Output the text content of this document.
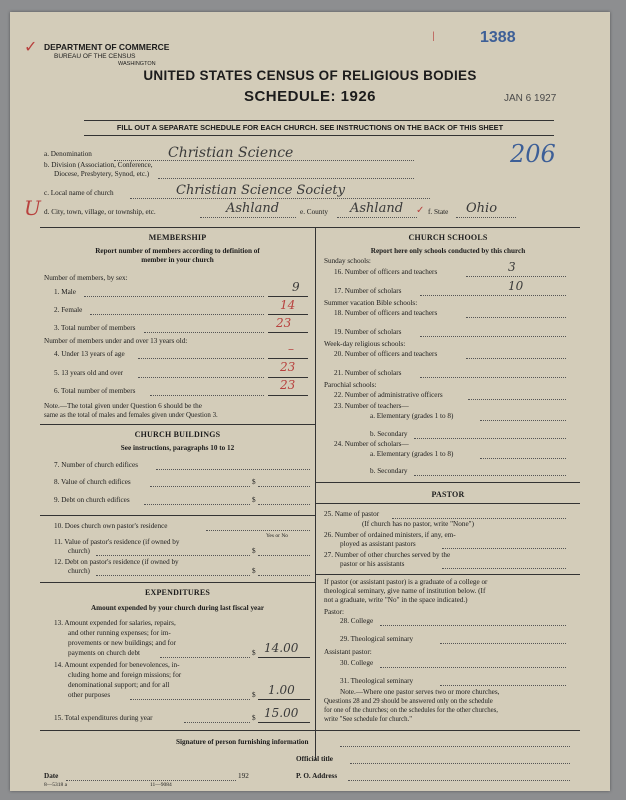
✓ DEPARTMENT OF COMMERCE
BUREAU OF THE CENSUS
WASHINGTON
1388
ǀ
UNITED STATES CENSUS OF RELIGIOUS BODIES
SCHEDULE: 1926	JAN 6 1927
FILL OUT A SEPARATE SCHEDULE FOR EACH CHURCH. SEE INSTRUCTIONS ON THE BACK OF THIS SHEET
a. Denomination	Christian Science	206
b. Division (Association, Conference,
Diocese, Presbytery, Synod, etc.)
c. Local name of church	Christian Science Society
U d. City, town, village, or township, etc.	Ashland	e. County Ashland ✓ f. State Ohio
MEMBERSHIP
Report number of members according to definition of
member in your church
Number of members, by sex:
1. Male	9
2. Female	14
3. Total number of members	23
Number of members under and over 13 years old:
4. Under 13 years of age	–
5. 13 years old and over	23
6. Total number of members	23
Note.—The total given under Question 6 should be the
same as the total of males and females given under Question 3.
CHURCH BUILDINGS
See instructions, paragraphs 10 to 12
7. Number of church edifices
8. Value of church edifices	$
9. Debt on church edifices	$
10. Does church own pastor's residence
Yes or No
11. Value of pastor's residence (if owned by
church)	$
12. Debt on pastor's residence (if owned by
church)	$
EXPENDITURES
Amount expended by your church during last fiscal year
13. Amount expended for salaries, repairs,
and other running expenses; for im-
provements or new buildings; and for
payments on church debt	$ 14.00
14. Amount expended for benevolences, in-
cluding home and foreign missions; for
denominational support; and for all
other purposes	$ 1.00
15. Total expenditures during year	$ 15.00
CHURCH SCHOOLS
Report here only schools conducted by this church
Sunday schools:
16. Number of officers and teachers	3
17. Number of scholars	10
Summer vacation Bible schools:
18. Number of officers and teachers
19. Number of scholars
Week-day religious schools:
20. Number of officers and teachers
21. Number of scholars
Parochial schools:
22. Number of administrative officers
23. Number of teachers—
a. Elementary (grades 1 to 8)
b. Secondary
24. Number of scholars—
a. Elementary (grades 1 to 8)
b. Secondary
PASTOR
25. Name of pastor
(If church has no pastor, write "None")
26. Number of ordained ministers, if any, em-
ployed as assistant pastors
27. Number of other churches served by the
pastor or his assistants
If pastor (or assistant pastor) is a graduate of a college or
theological seminary, give name of institution below. (If
not a graduate, write "No" in the space indicated.)
Pastor:
28. College
29. Theological seminary
Assistant pastor:
30. College
31. Theological seminary
Note.—Where one pastor serves two or more churches,
Questions 28 and 29 should be answered only on the schedule
for one of the churches; on the schedules for the other churches,
write "See schedule for church."
Signature of person furnishing information
Official title
Date	192	P. O. Address
8—5318 a	11—9084
